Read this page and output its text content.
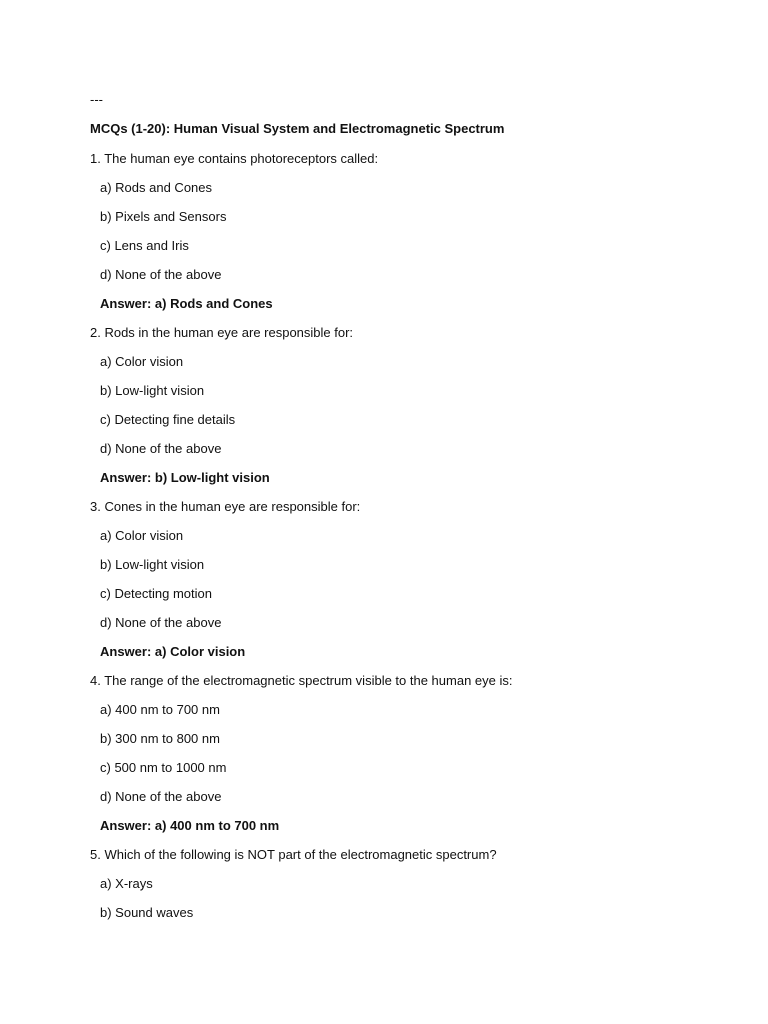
---
MCQs (1-20): Human Visual System and Electromagnetic Spectrum
1. The human eye contains photoreceptors called:
a) Rods and Cones
b) Pixels and Sensors
c) Lens and Iris
d) None of the above
Answer: a) Rods and Cones
2. Rods in the human eye are responsible for:
a) Color vision
b) Low-light vision
c) Detecting fine details
d) None of the above
Answer: b) Low-light vision
3. Cones in the human eye are responsible for:
a) Color vision
b) Low-light vision
c) Detecting motion
d) None of the above
Answer: a) Color vision
4. The range of the electromagnetic spectrum visible to the human eye is:
a) 400 nm to 700 nm
b) 300 nm to 800 nm
c) 500 nm to 1000 nm
d) None of the above
Answer: a) 400 nm to 700 nm
5. Which of the following is NOT part of the electromagnetic spectrum?
a) X-rays
b) Sound waves
